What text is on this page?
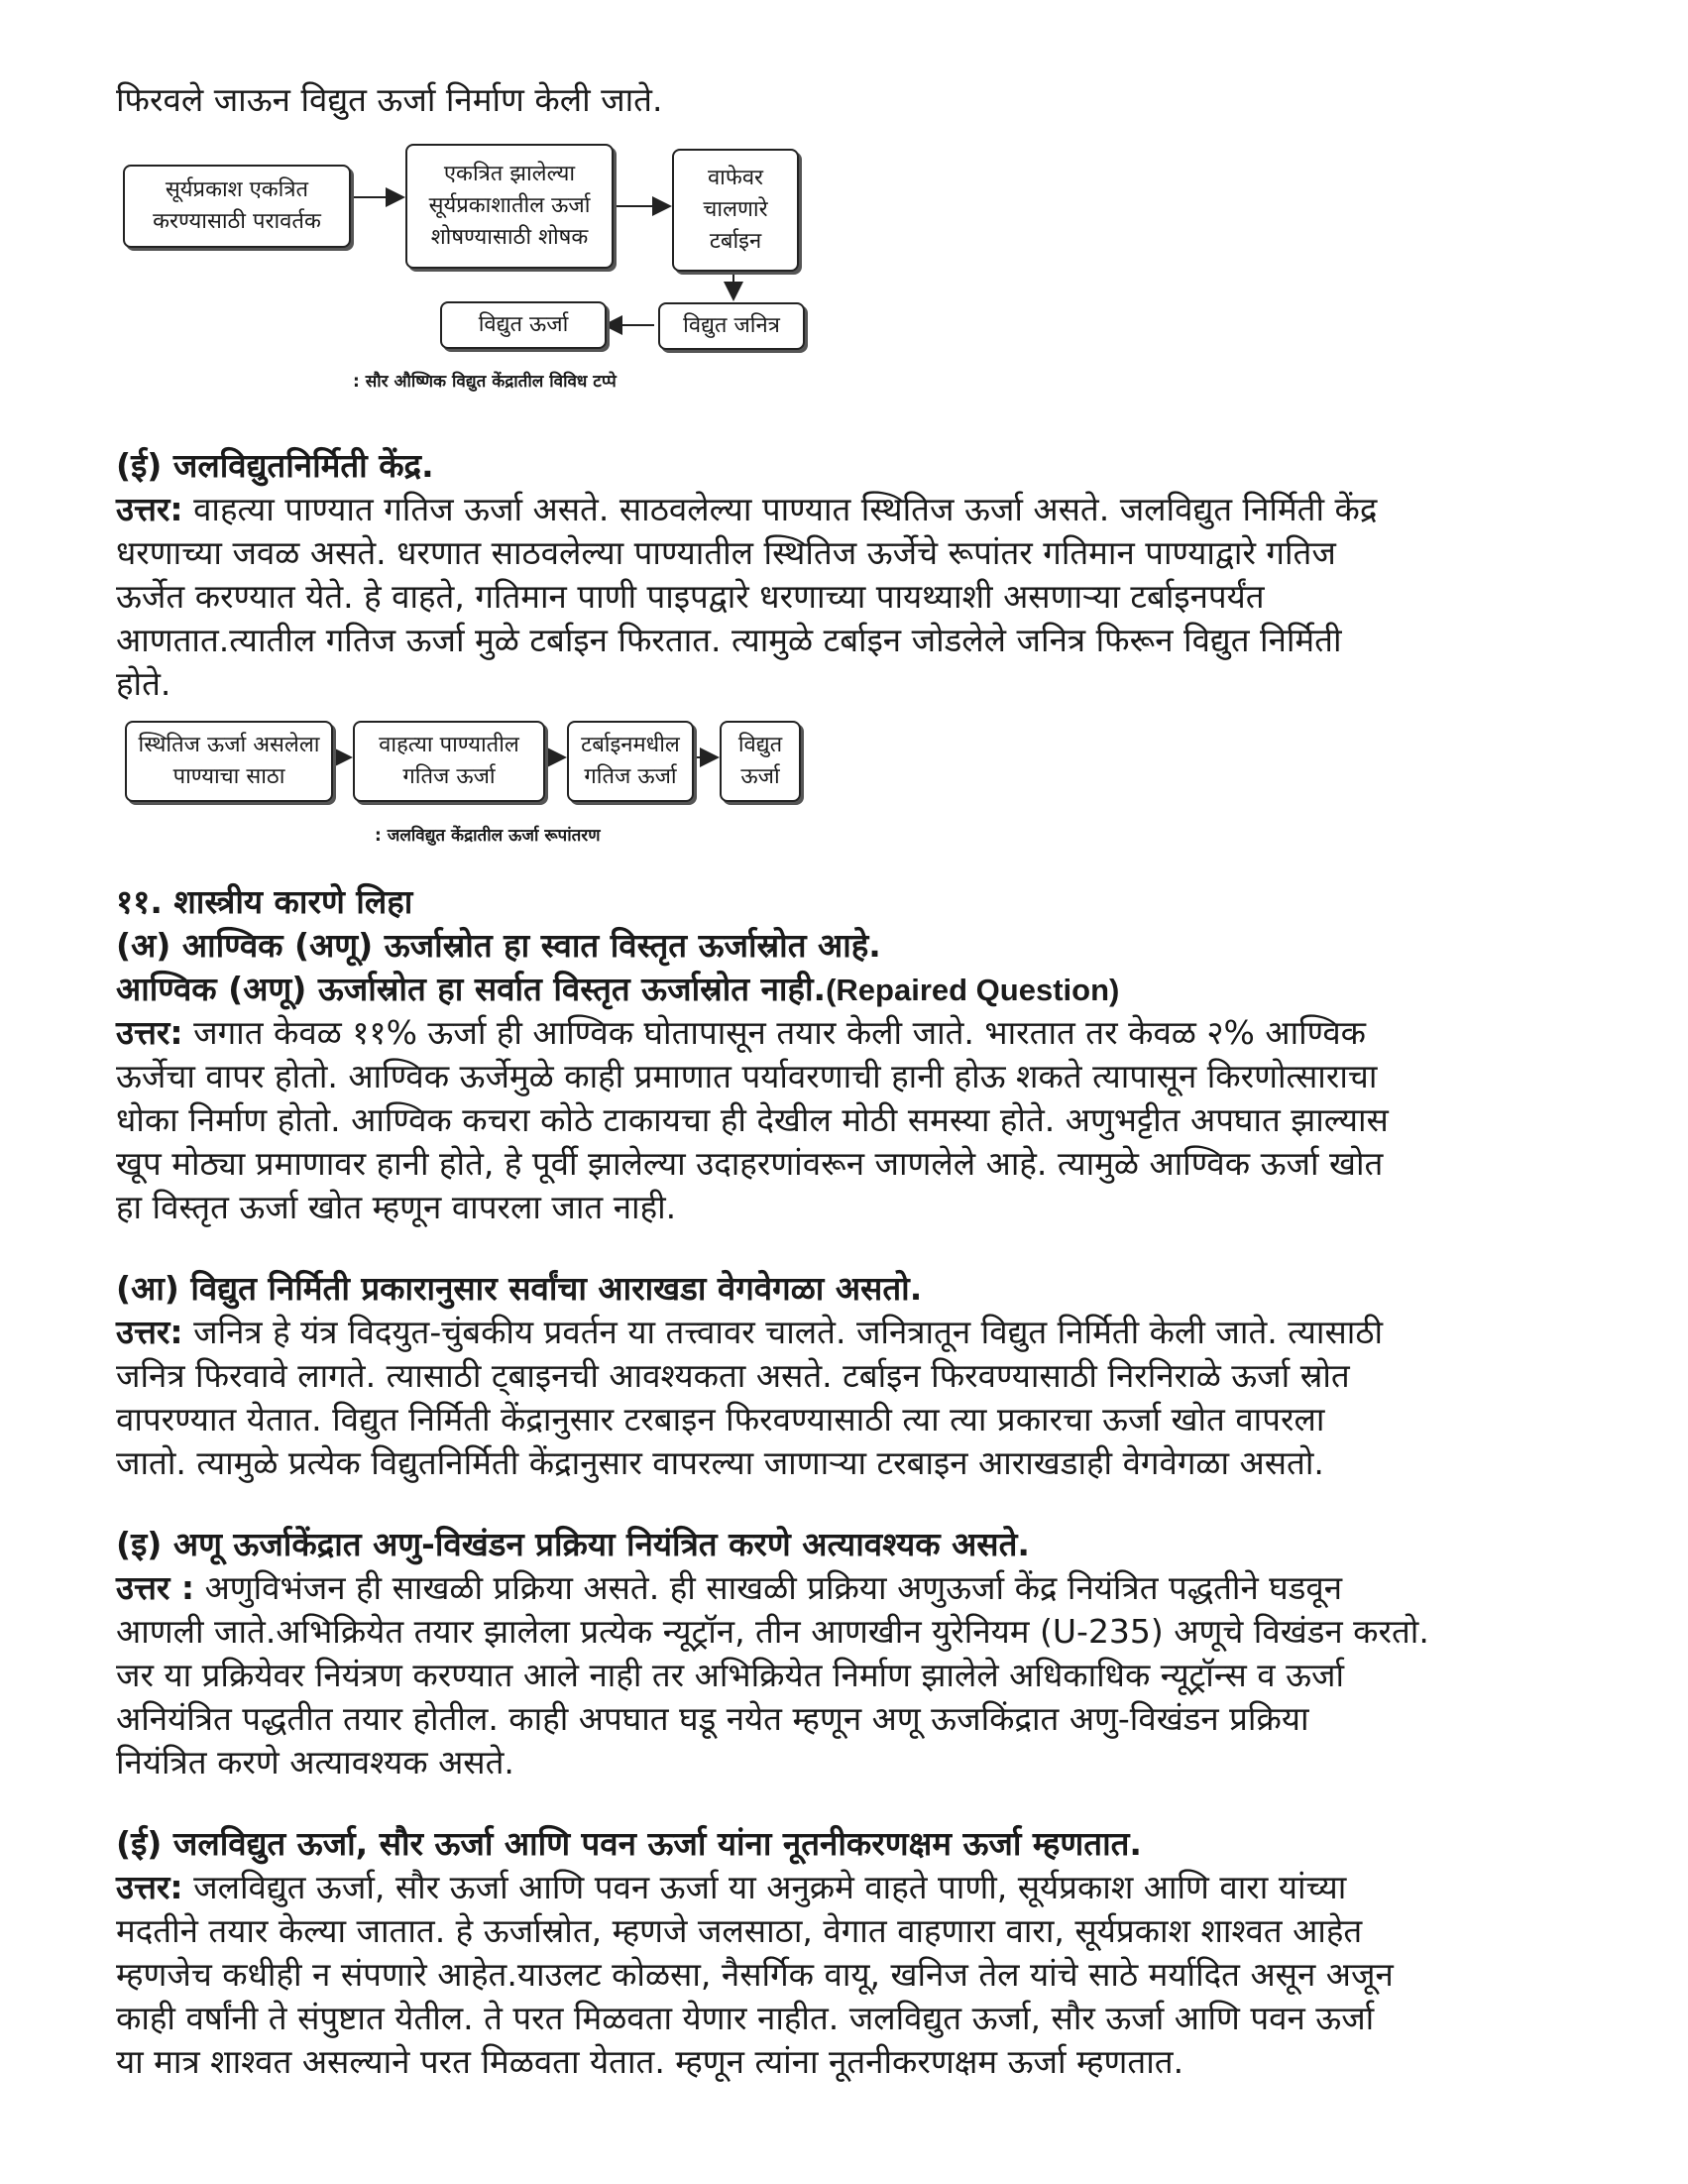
फिरवले जाऊन विद्युत ऊर्जा निर्माण केली जाते.
सूर्यप्रकाश एकत्रित
करण्यासाठी परावर्तक
एकत्रित झालेल्या
सूर्यप्रकाशातील ऊर्जा
शोषण्यासाठी शोषक
वाफेवर
चालणारे
टर्बाइन
विद्युत जनित्र
विद्युत ऊर्जा
: सौर औष्णिक विद्युत केंद्रातील विविध टप्पे
(ई) जलविद्युतनिर्मिती केंद्र.
उत्तर: वाहत्या पाण्यात गतिज ऊर्जा असते. साठवलेल्या पाण्यात स्थितिज ऊर्जा असते. जलविद्युत निर्मिती केंद्र
धरणाच्या जवळ असते. धरणात साठवलेल्या पाण्यातील स्थितिज ऊर्जेचे रूपांतर गतिमान पाण्याद्वारे गतिज
ऊर्जेत करण्यात येते. हे वाहते, गतिमान पाणी पाइपद्वारे धरणाच्या पायथ्याशी असणाऱ्या टर्बाइनपर्यंत
आणतात.त्यातील गतिज ऊर्जा मुळे टर्बाइन फिरतात. त्यामुळे टर्बाइन जोडलेले जनित्र फिरून विद्युत निर्मिती
होते.
स्थितिज ऊर्जा असलेला
पाण्याचा साठा
वाहत्या पाण्यातील
गतिज ऊर्जा
टर्बाइनमधील
गतिज ऊर्जा
विद्युत
ऊर्जा
: जलविद्युत केंद्रातील ऊर्जा रूपांतरण
११. शास्त्रीय कारणे लिहा
(अ) आण्विक (अणू) ऊर्जास्रोत हा स्वात विस्तृत ऊर्जास्रोत आहे.
आण्विक (अणू) ऊर्जास्रोत हा सर्वात विस्तृत ऊर्जास्रोत नाही.(Repaired Question)
उत्तर: जगात केवळ ११% ऊर्जा ही आण्विक घोतापासून तयार केली जाते. भारतात तर केवळ २% आण्विक
ऊर्जेचा वापर होतो. आण्विक ऊर्जेमुळे काही प्रमाणात पर्यावरणाची हानी होऊ शकते त्यापासून किरणोत्साराचा
धोका निर्माण होतो. आण्विक कचरा कोठे टाकायचा ही देखील मोठी समस्या होते. अणुभट्टीत अपघात झाल्यास
खूप मोठ्या प्रमाणावर हानी होते, हे पूर्वी झालेल्या उदाहरणांवरून जाणलेले आहे. त्यामुळे आण्विक ऊर्जा खोत
हा विस्तृत ऊर्जा खोत म्हणून वापरला जात नाही.
(आ) विद्युत निर्मिती प्रकारानुसार सर्वांचा आराखडा वेगवेगळा असतो.
उत्तर: जनित्र हे यंत्र विदयुत-चुंबकीय प्रवर्तन या तत्त्वावर चालते. जनित्रातून विद्युत निर्मिती केली जाते. त्यासाठी
जनित्र फिरवावे लागते. त्यासाठी ट्बाइनची आवश्यकता असते. टर्बाइन फिरवण्यासाठी निरनिराळे ऊर्जा स्रोत
वापरण्यात येतात. विद्युत निर्मिती केंद्रानुसार टरबाइन फिरवण्यासाठी त्या त्या प्रकारचा ऊर्जा खोत वापरला
जातो. त्यामुळे प्रत्येक विद्युतनिर्मिती केंद्रानुसार वापरल्या जाणाऱ्या टरबाइन आराखडाही वेगवेगळा असतो.
(इ) अणू ऊर्जाकेंद्रात अणु-विखंडन प्रक्रिया नियंत्रित करणे अत्यावश्यक असते.
उत्तर : अणुविभंजन ही साखळी प्रक्रिया असते. ही साखळी प्रक्रिया अणुऊर्जा केंद्र नियंत्रित पद्धतीने घडवून
आणली जाते.अभिक्रियेत तयार झालेला प्रत्येक न्यूट्रॉन, तीन आणखीन युरेनियम (U-235) अणूचे विखंडन करतो.
जर या प्रक्रियेवर नियंत्रण करण्यात आले नाही तर अभिक्रियेत निर्माण झालेले अधिकाधिक न्यूट्रॉन्स व ऊर्जा
अनियंत्रित पद्धतीत तयार होतील. काही अपघात घडू नयेत म्हणून अणू ऊजकिंद्रात अणु-विखंडन प्रक्रिया
नियंत्रित करणे अत्यावश्यक असते.
(ई) जलविद्युत ऊर्जा, सौर ऊर्जा आणि पवन ऊर्जा यांना नूतनीकरणक्षम ऊर्जा म्हणतात.
उत्तर: जलविद्युत ऊर्जा, सौर ऊर्जा आणि पवन ऊर्जा या अनुक्रमे वाहते पाणी, सूर्यप्रकाश आणि वारा यांच्या
मदतीने तयार केल्या जातात. हे ऊर्जास्रोत, म्हणजे जलसाठा, वेगात वाहणारा वारा, सूर्यप्रकाश शाश्वत आहेत
म्हणजेच कधीही न संपणारे आहेत.याउलट कोळसा, नैसर्गिक वायू, खनिज तेल यांचे साठे मर्यादित असून अजून
काही वर्षांनी ते संपुष्टात येतील. ते परत मिळवता येणार नाहीत. जलविद्युत ऊर्जा, सौर ऊर्जा आणि पवन ऊर्जा
या मात्र शाश्वत असल्याने परत मिळवता येतात. म्हणून त्यांना नूतनीकरणक्षम ऊर्जा म्हणतात.
